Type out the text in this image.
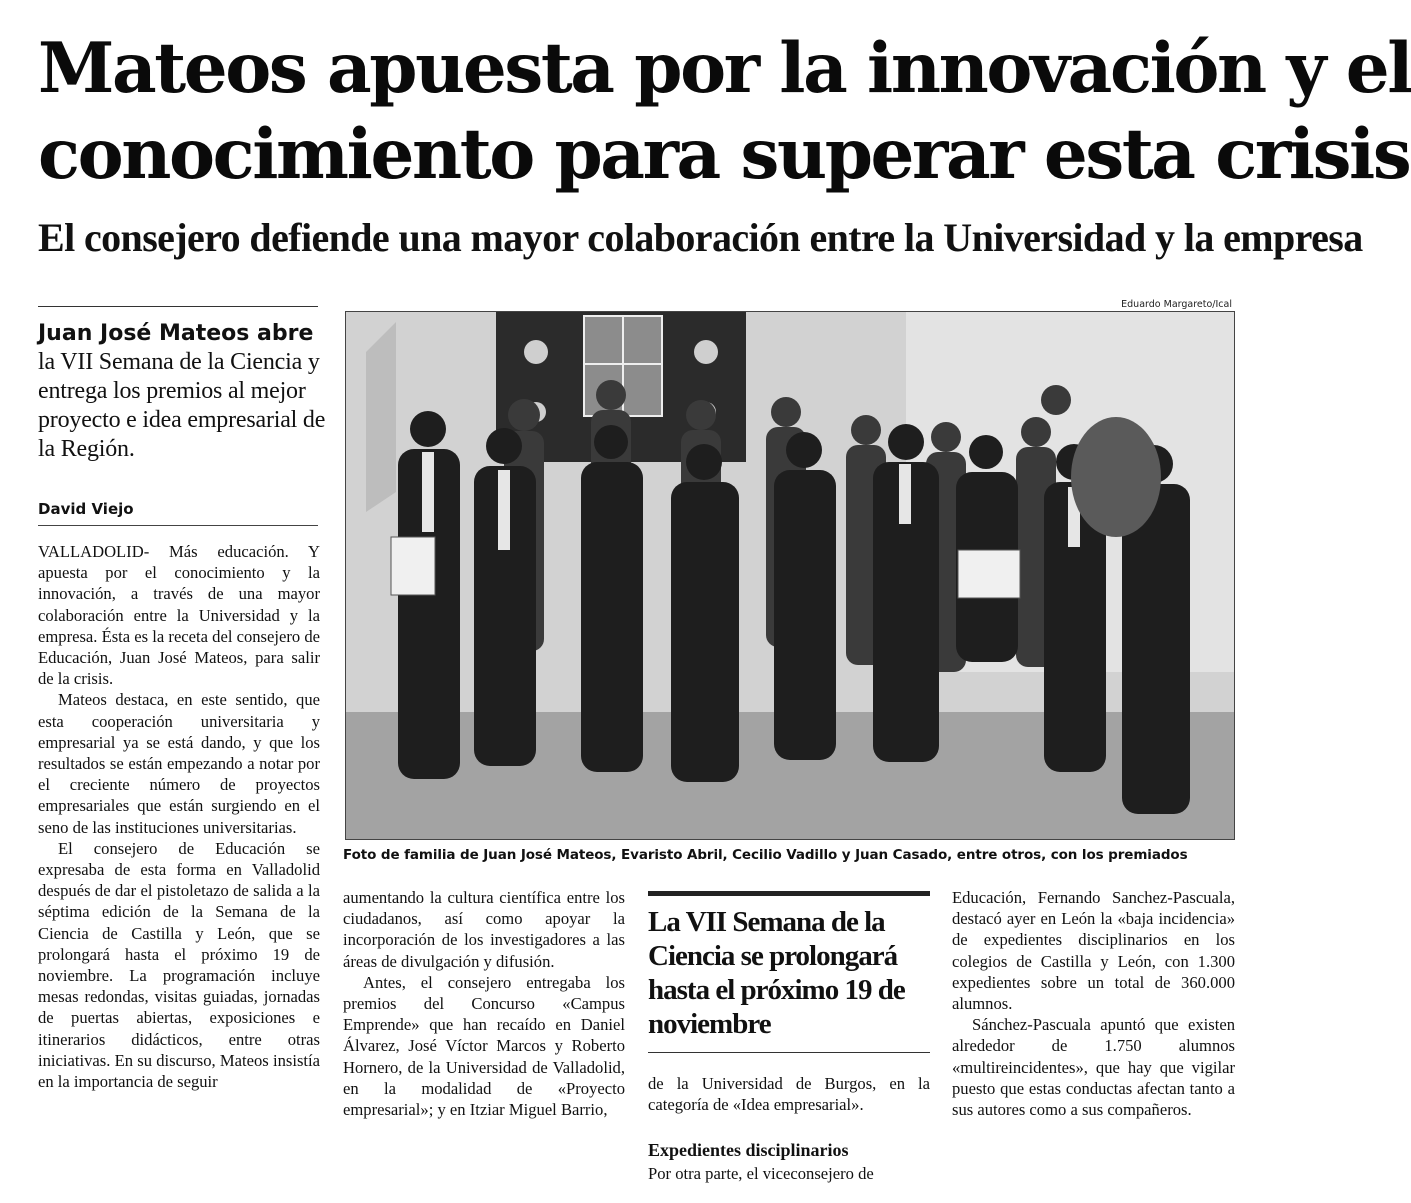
Mateos apuesta por la innovación y el
conocimiento para superar esta crisis
El consejero defiende una mayor colaboración entre la Universidad y la empresa
Juan José Mateos abre
la VII Semana de la Ciencia y entrega los premios al mejor proyecto e idea empresarial de la Región.
David Viejo

VALLADOLID- Más educación. Y apuesta por el conocimiento y la innovación, a través de una mayor colaboración entre la Universidad y la empresa. Ésta es la receta del consejero de Educación, Juan José Mateos, para salir de la crisis.

Mateos destaca, en este sentido, que esta cooperación universitaria y empresarial ya se está dando, y que los resultados se están empezando a notar por el creciente número de proyectos empresariales que están surgiendo en el seno de las instituciones universitarias.

El consejero de Educación se expresaba de esta forma en Valladolid después de dar el pistoletazo de salida a la séptima edición de la Semana de la Ciencia de Castilla y León, que se prolongará hasta el próximo 19 de noviembre. La programación incluye mesas redondas, visitas guiadas, jornadas de puertas abiertas, exposiciones e itinerarios didácticos, entre otras iniciativas. En su discurso, Mateos insistía en la importancia de seguir

Eduardo Margareto/Ical
Foto de familia de Juan José Mateos, Evaristo Abril, Cecilio Vadillo y Juan Casado, entre otros, con los premiados

aumentando la cultura científica entre los ciudadanos, así como apoyar la incorporación de los investigadores a las áreas de divulgación y difusión.

Antes, el consejero entregaba los premios del Concurso «Campus Emprende» que han recaído en Daniel Álvarez, José Víctor Marcos y Roberto Hornero, de la Universidad de Valladolid, en la modalidad de «Proyecto empresarial»; y en Itziar Miguel Barrio,

La VII Semana de la Ciencia se prolongará hasta el próximo 19 de noviembre

de la Universidad de Burgos, en la categoría de «Idea empresarial».

Expedientes disciplinarios

Por otra parte, el viceconsejero de

Educación, Fernando Sanchez-Pascuala, destacó ayer en León la «baja incidencia» de expedientes disciplinarios en los colegios de Castilla y León, con 1.300 expedientes sobre un total de 360.000 alumnos.

Sánchez-Pascuala apuntó que existen alrededor de 1.750 alumnos «multireincidentes», que hay que vigilar puesto que estas conductas afectan tanto a sus autores como a sus compañeros.
